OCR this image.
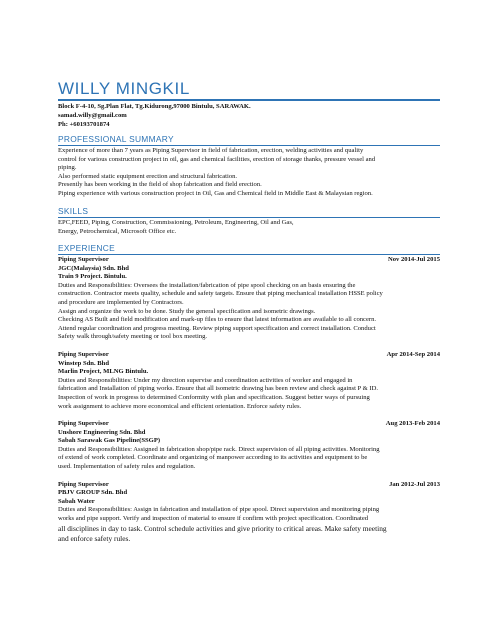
WILLY MINGKIL
Block F-4-10, Sg.Plan Flat, Tg.Kidurong,97000 Bintulu, SARAWAK.
samad.willy@gmail.com
Ph: +60193701874
PROFESSIONAL SUMMARY
Experience of more than 7 years as Piping Supervisor in field of fabrication, erection, welding activities and quality
control for various construction project in oil, gas and chemical facilities, erection of storage thanks, pressure vessel and
piping.
Also performed static equipment erection and structural fabrication.
Presently has been working in the field of shop fabrication and field erection.
Piping experience with various construction project in Oil, Gas and Chemical field in Middle East & Malaysian region.
SKILLS
EPC,FEED, Piping, Construction, Commissioning, Petroleum, Engineering, Oil and Gas,
Energy, Petrochemical, Microsoft Office etc.
EXPERIENCE
Piping Supervisor	Nov 2014-Jul 2015
JGC(Malaysia) Sdn. Bhd
Train 9 Project. Bintulu.
Duties and Responsibilities: Oversees the installation/fabrication of pipe spool checking on an basis ensuring the
construction. Contractor meets quality, schedule and safety targets. Ensure that piping mechanical installation HSSE policy
and procedure are implemented by Contractors.
Assign and organize the work to be done. Study the general specification and isometric drawings.
Checking AS Built and field modification and mark-up files to ensure that latest information are available to all concern.
Attend regular coordination and progress meeting. Review piping support specification and correct installation. Conduct
Safety walk through/safety meeting or tool box meeting.
Piping Supervisor	Apr 2014-Sep 2014
Winstep Sdn. Bhd
Marlin Project, MLNG Bintulu.
Duties and Responsibilities: Under my direction supervise and coordination activities of worker and engaged in
fabrication and Installation of piping works. Ensure that all isometric drawing has been review and check against P & ID.
Inspection of work in progress to determined Conformity with plan and specification. Suggest better ways of pursuing
work assignment to achieve more economical and efficient orientation. Enforce safety rules.
Piping Supervisor	Aug 2013-Feb 2014
Unshore Engineering Sdn. Bhd
Sabah Sarawak Gas Pipeline(SSGP)
Duties and Responsibilities: Assigned in fabrication shop/pipe rack. Direct supervision of all piping activities. Monitoring
of extend of work completed. Coordinate and organizing of manpower according to its activities and equipment to be
used. Implementation of safety rules and regulation.
Piping Supervisor	Jan 2012-Jul 2013
PBJV GROUP Sdn. Bhd
Sabah Water
Duties and Responsibilities: Assign in fabrication and installation of pipe spool. Direct supervision and monitoring piping
works and pipe support. Verify and inspection of material to ensure if confirm with project specification. Coordinated
all disciplines in day to task. Control schedule activities and give priority to critical areas. Make safety meeting
and enforce safety rules.
